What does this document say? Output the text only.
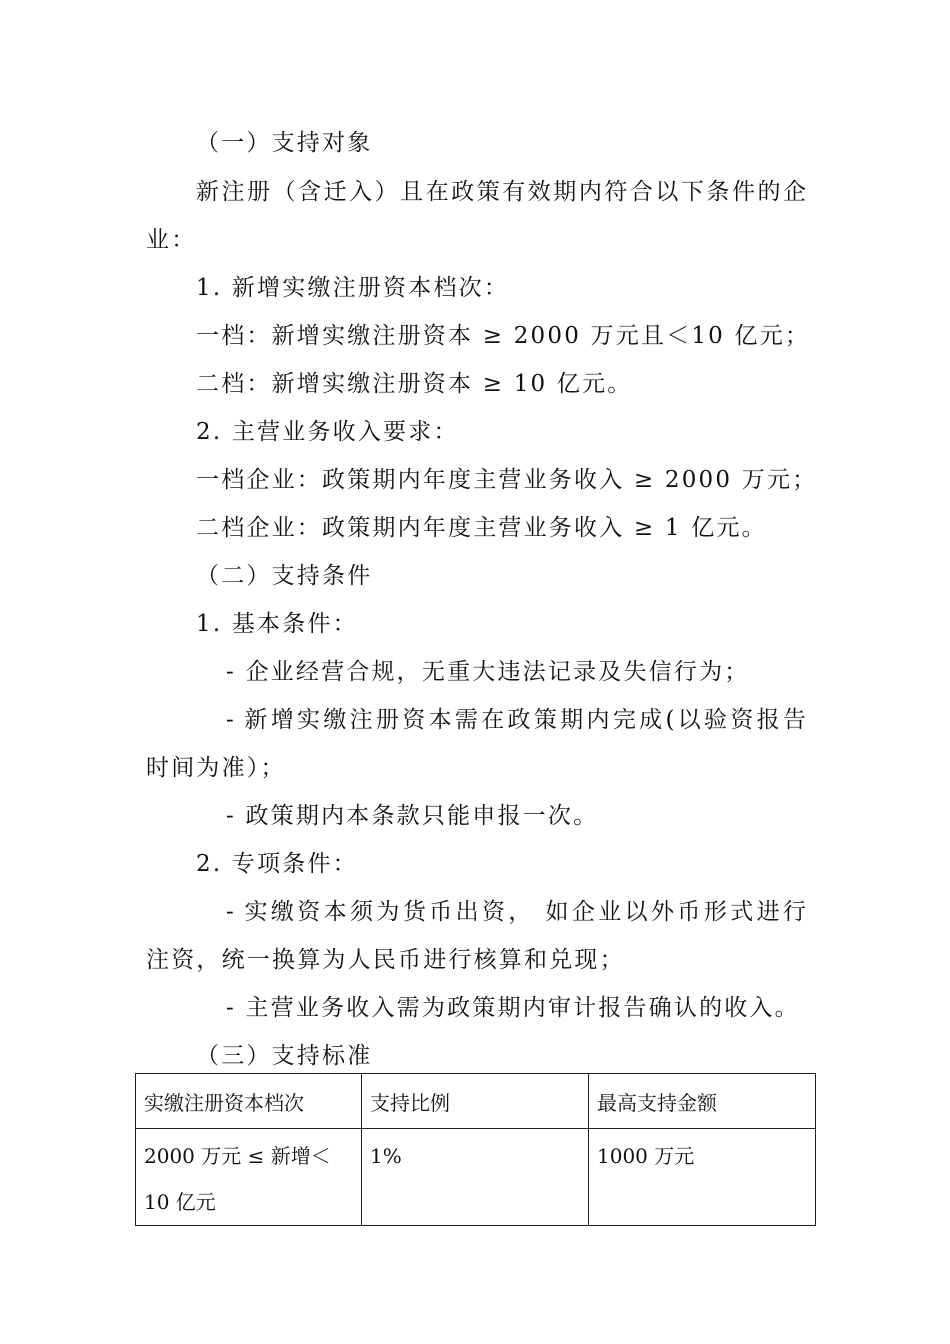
（一）支持对象
新注册（含迁入）且在政策有效期内符合以下条件的企
业：
1. 新增实缴注册资本档次：
一档：新增实缴注册资本 ≥ 2000 万元且＜10 亿元；
二档：新增实缴注册资本 ≥ 10 亿元。
2. 主营业务收入要求：
一档企业：政策期内年度主营业务收入 ≥ 2000 万元；
二档企业：政策期内年度主营业务收入 ≥ 1 亿元。
（二）支持条件
1. 基本条件：
- 企业经营合规，无重大违法记录及失信行为；
- 新增实缴注册资本需在政策期内完成(以验资报告
时间为准）；
- 政策期内本条款只能申报一次。
2. 专项条件：
- 实缴资本须为货币出资， 如企业以外币形式进行
注资，统一换算为人民币进行核算和兑现；
- 主营业务收入需为政策期内审计报告确认的收入。
（三）支持标准
实缴注册资本档次	支持比例	最高支持金额
2000 万元 ≤ 新增＜10 亿元	1%	1000 万元
